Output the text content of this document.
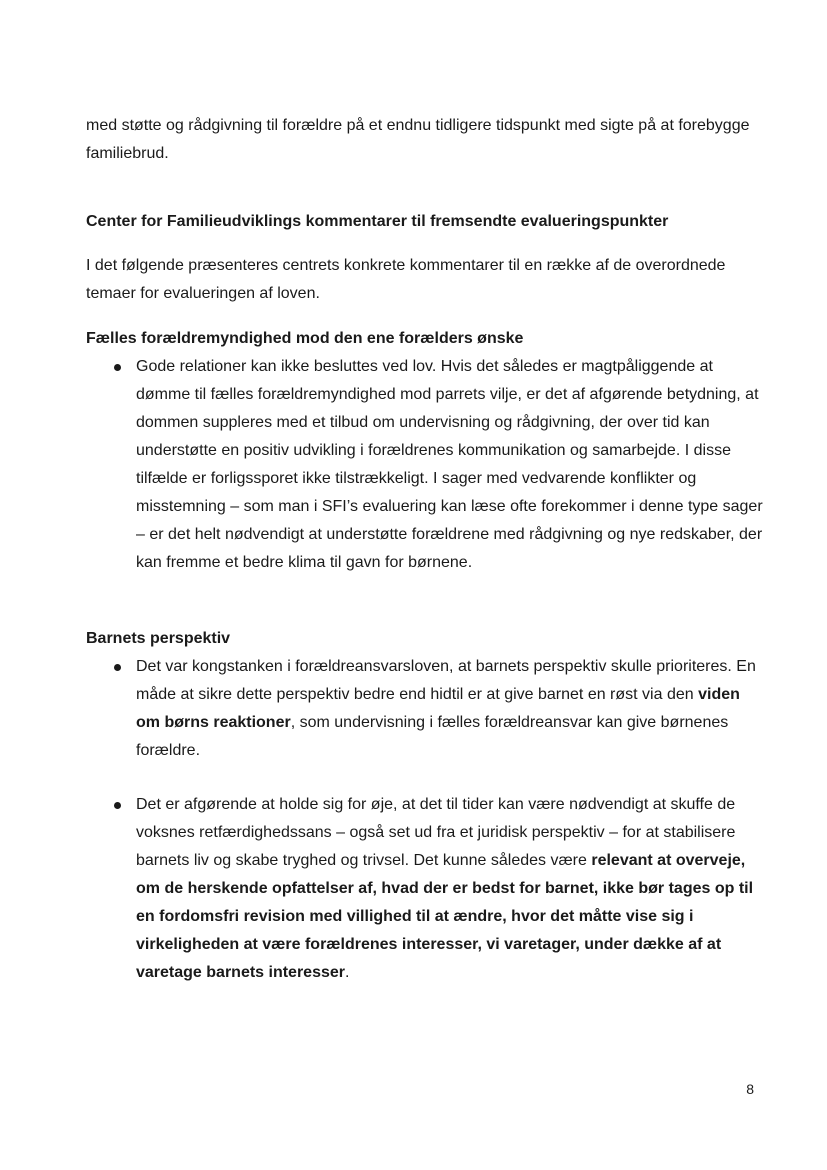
med støtte og rådgivning til forældre på et endnu tidligere tidspunkt med sigte på at forebygge familiebrud.

Center for Familieudviklings kommentarer til fremsendte evalueringspunkter

I det følgende præsenteres centrets konkrete kommentarer til en række af de overordnede temaer for evalueringen af loven.

Fælles forældremyndighed mod den ene forælders ønske
Gode relationer kan ikke besluttes ved lov. Hvis det således er magtpåliggende at dømme til fælles forældremyndighed mod parrets vilje, er det af afgørende betydning, at dommen suppleres med et tilbud om undervisning og rådgivning, der over tid kan understøtte en positiv udvikling i forældrenes kommunikation og samarbejde. I disse tilfælde er forligssporet ikke tilstrækkeligt. I sager med vedvarende konflikter og misstemning – som man i SFI’s evaluering kan læse ofte forekommer i denne type sager – er det helt nødvendigt at understøtte forældrene med rådgivning og nye redskaber, der kan fremme et bedre klima til gavn for børnene.
Barnets perspektiv
Det var kongstanken i forældreansvarsloven, at barnets perspektiv skulle prioriteres. En måde at sikre dette perspektiv bedre end hidtil er at give barnet en røst via den viden om børns reaktioner, som undervisning i fælles forældreansvar kan give børnenes forældre.
Det er afgørende at holde sig for øje, at det til tider kan være nødvendigt at skuffe de voksnes retfærdighedssans – også set ud fra et juridisk perspektiv – for at stabilisere barnets liv og skabe tryghed og trivsel. Det kunne således være relevant at overveje, om de herskende opfattelser af, hvad der er bedst for barnet, ikke bør tages op til en fordomsfri revision med villighed til at ændre, hvor det måtte vise sig i virkeligheden at være forældrenes interesser, vi varetager, under dække af at varetage barnets interesser.
8
